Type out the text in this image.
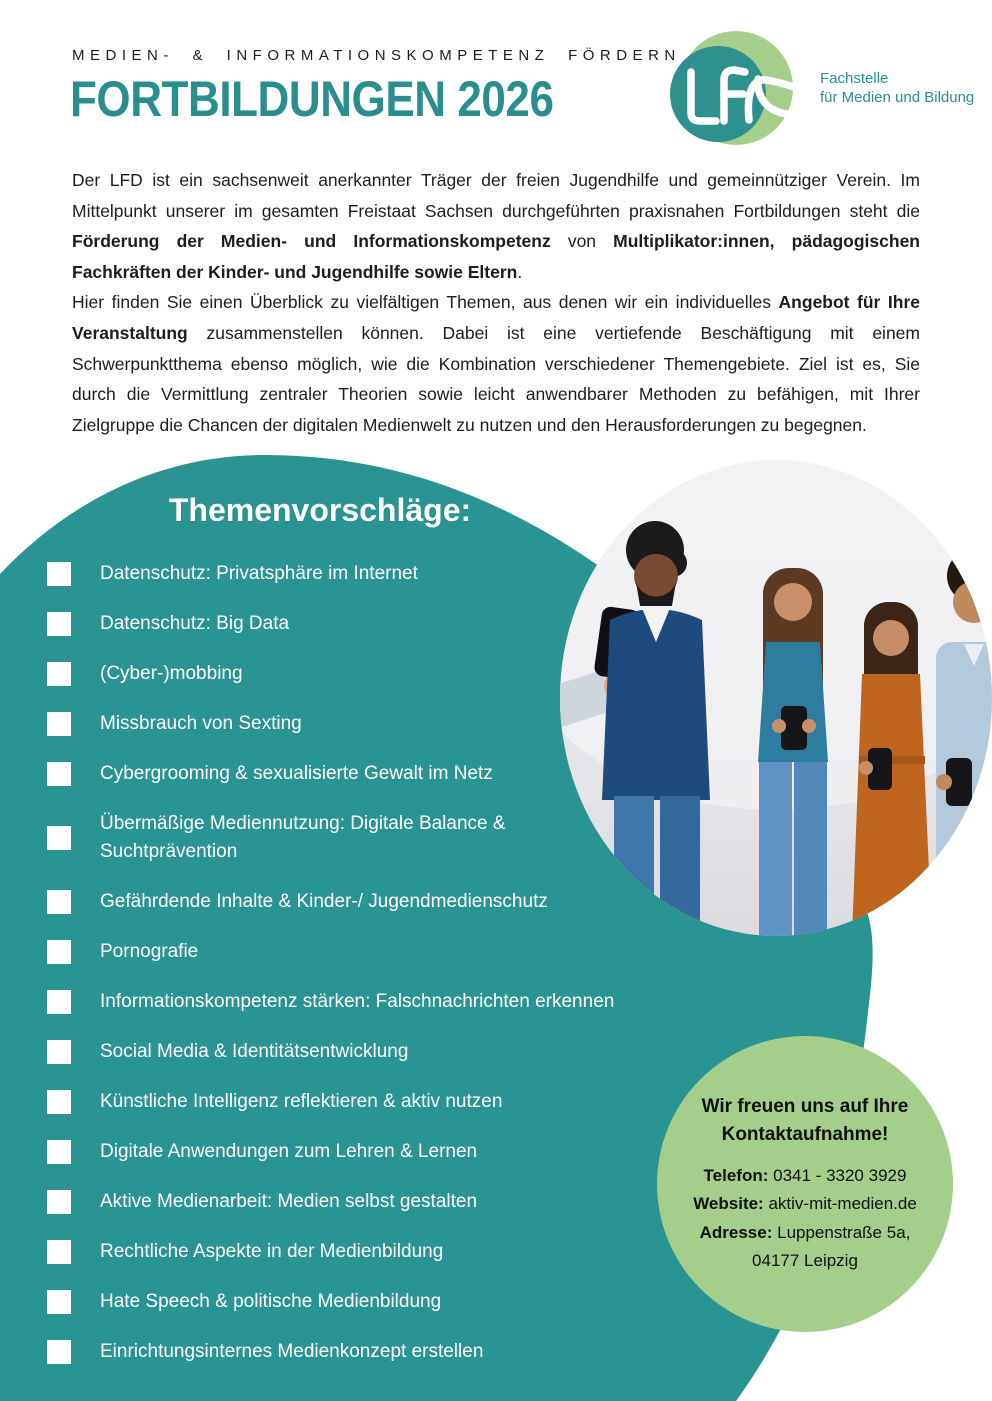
MEDIEN- & INFORMATIONSKOMPETENZ FÖRDERN
FORTBILDUNGEN 2026	Fachstelle
für Medien und Bildung

Der LFD ist ein sachsenweit anerkannter Träger der freien Jugendhilfe und gemeinnütziger Verein. Im Mittelpunkt unserer im gesamten Freistaat Sachsen durchgeführten praxisnahen Fortbildungen steht die Förderung der Medien- und Informationskompetenz von Multiplikator:innen, pädagogischen Fachkräften der Kinder- und Jugendhilfe sowie Eltern.

Hier finden Sie einen Überblick zu vielfältigen Themen, aus denen wir ein individuelles Angebot für Ihre Veranstaltung zusammenstellen können. Dabei ist eine vertiefende Beschäftigung mit einem Schwerpunktthema ebenso möglich, wie die Kombination verschiedener Themengebiete. Ziel ist es, Sie durch die Vermittlung zentraler Theorien sowie leicht anwendbarer Methoden zu befähigen, mit Ihrer Zielgruppe die Chancen der digitalen Medienwelt zu nutzen und den Herausforderungen zu begegnen.

Themenvorschläge:
Datenschutz: Privatsphäre im Internet
Datenschutz: Big Data
(Cyber-)mobbing
Missbrauch von Sexting
Cybergrooming & sexualisierte Gewalt im Netz
Übermäßige Mediennutzung: Digitale Balance & Suchtprävention
Gefährdende Inhalte & Kinder-/ Jugendmedienschutz
Pornografie
Informationskompetenz stärken: Falschnachrichten erkennen
Social Media & Identitätsentwicklung
Künstliche Intelligenz reflektieren & aktiv nutzen
Digitale Anwendungen zum Lehren & Lernen
Aktive Medienarbeit: Medien selbst gestalten
Rechtliche Aspekte in der Medienbildung
Hate Speech & politische Medienbildung
Einrichtungsinternes Medienkonzept erstellen
Wir freuen uns auf Ihre
Kontaktaufnahme!
Telefon: 0341 - 3320 3929
Website: aktiv-mit-medien.de
Adresse: Luppenstraße 5a,
04177 Leipzig
